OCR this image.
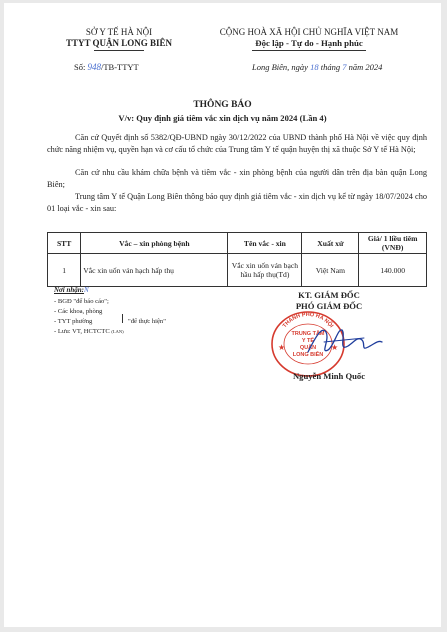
SỞ Y TẾ HÀ NỘI
TTYT QUẬN LONG BIÊN
Số: 948/TB-TTYT
CỘNG HOÀ XÃ HỘI CHỦ NGHĨA VIỆT NAM
Độc lập - Tự do - Hạnh phúc
Long Biên, ngày 18 tháng 7 năm 2024
THÔNG BÁO
V/v: Quy định giá tiêm vắc xin dịch vụ năm 2024 (Lần 4)
Căn cứ Quyết định số 5382/QĐ-UBND ngày 30/12/2022 của UBND thành phố Hà Nội về việc quy định chức năng nhiệm vụ, quyền hạn và cơ cấu tổ chức của Trung tâm Y tế quận huyện thị xã thuộc Sở Y tế Hà Nội;
Căn cứ nhu cầu khám chữa bệnh và tiêm vắc - xin phòng bệnh của người dân trên địa bàn quận Long Biên;
Trung tâm Y tế Quận Long Biên thông báo quy định giá tiêm vắc - xin dịch vụ kể từ ngày 18/07/2024 cho 01 loại vắc - xin sau:
STT	Vắc – xin phòng bệnh	Tên vắc - xin	Xuất xứ	Giá/ 1 liều tiêm (VNĐ)
1	Vắc xin uốn ván hạch hấp thụ	Vắc xin uốn ván bạch hầu hấp thụ(Td)	Việt Nam	140.000
Nơi nhận:N
- BGĐ "để báo cáo";
- Các khoa, phòng
- TYT phường	"để thực hiện"
- Lưu: VT, HCTCTC (LAN)
KT. GIÁM ĐỐC
PHÓ GIÁM ĐỐC
THÀNH PHỐ HÀ NỘI
TRUNG TÂM
Y TẾ
QUẬN
LONG BIÊN
★	★
Nguyễn Minh Quốc
